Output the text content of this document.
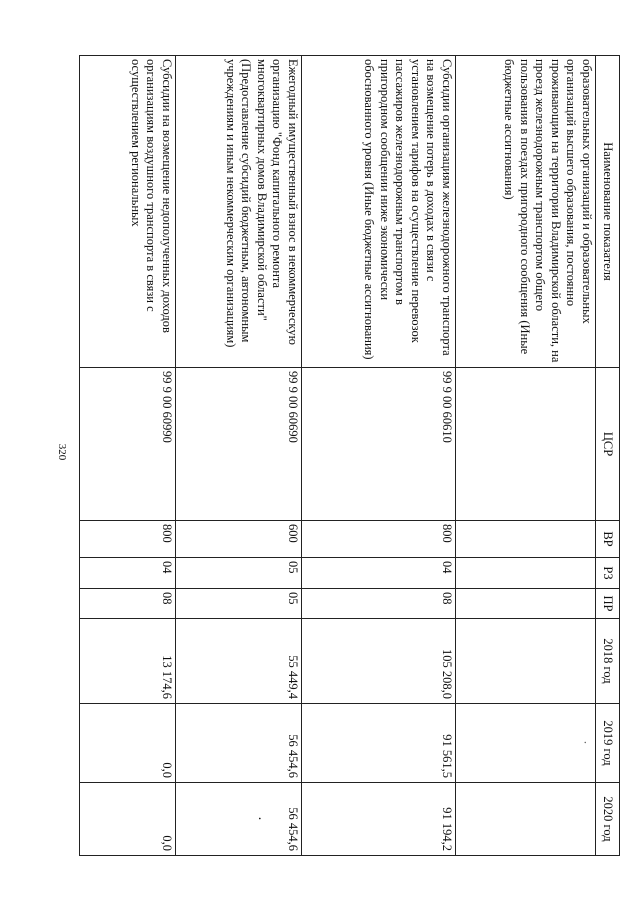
320
Наименование показателя	ЦСР	ВР	РЗ	ПР	2018 год	2019 год	2020 год
образовательных организаций и образовательных организаций высшего образования, постоянно проживающим на территории Владимирской области, на проезд железнодорожным транспортом общего пользования в поездах пригородного сообщения (Иные бюджетные ассигнования)						·	

Субсидии организациям железнодорожного транспорта на возмещение потерь в доходах в связи с установлением тарифов на осуществление перевозок пассажиров железнодорожным транспортом в пригородном сообщении ниже экономически обоснованного уровня (Иные бюджетные ассигнования)	99 9 00 60610	800	04	08	105 208,0	91 561,5	91 194,2
Ежегодный имущественный взнос в некоммерческую организацию "Фонд капитального ремонта многоквартирных домов Владимирской области" (Предоставление субсидий бюджетным, автономным учреждениям и иным некоммерческим организациям)	99 9 00 60690	600	05	05	55 449,4	56 454,6	56 454,6
.

Субсидии на возмещение недополученных доходов организациям воздушного транспорта в связи с осуществлением региональных	99 9 00 60990	800	04	08	13 174,6	0,0	0,0
